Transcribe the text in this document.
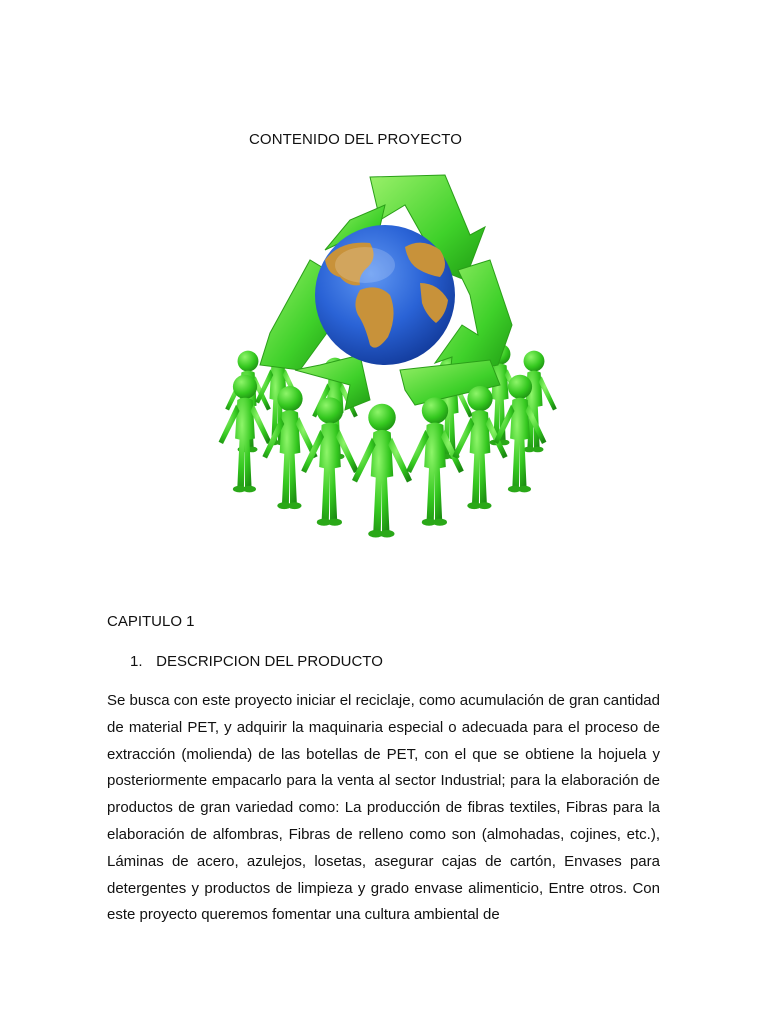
CONTENIDO DEL PROYECTO
CAPITULO 1
1. DESCRIPCION DEL PRODUCTO

Se busca con este proyecto iniciar el reciclaje, como acumulación de gran cantidad de material PET, y adquirir la maquinaria especial o adecuada para el proceso de extracción (molienda) de las botellas de PET, con el que se obtiene la hojuela y posteriormente empacarlo para la venta al sector Industrial; para la elaboración de productos de gran variedad como: La producción de fibras textiles, Fibras para la elaboración de alfombras, Fibras de relleno como son (almohadas, cojines, etc.), Láminas de acero, azulejos, losetas, asegurar cajas de cartón, Envases para detergentes y productos de limpieza y grado envase alimenticio, Entre otros. Con este proyecto queremos fomentar una cultura ambiental de
